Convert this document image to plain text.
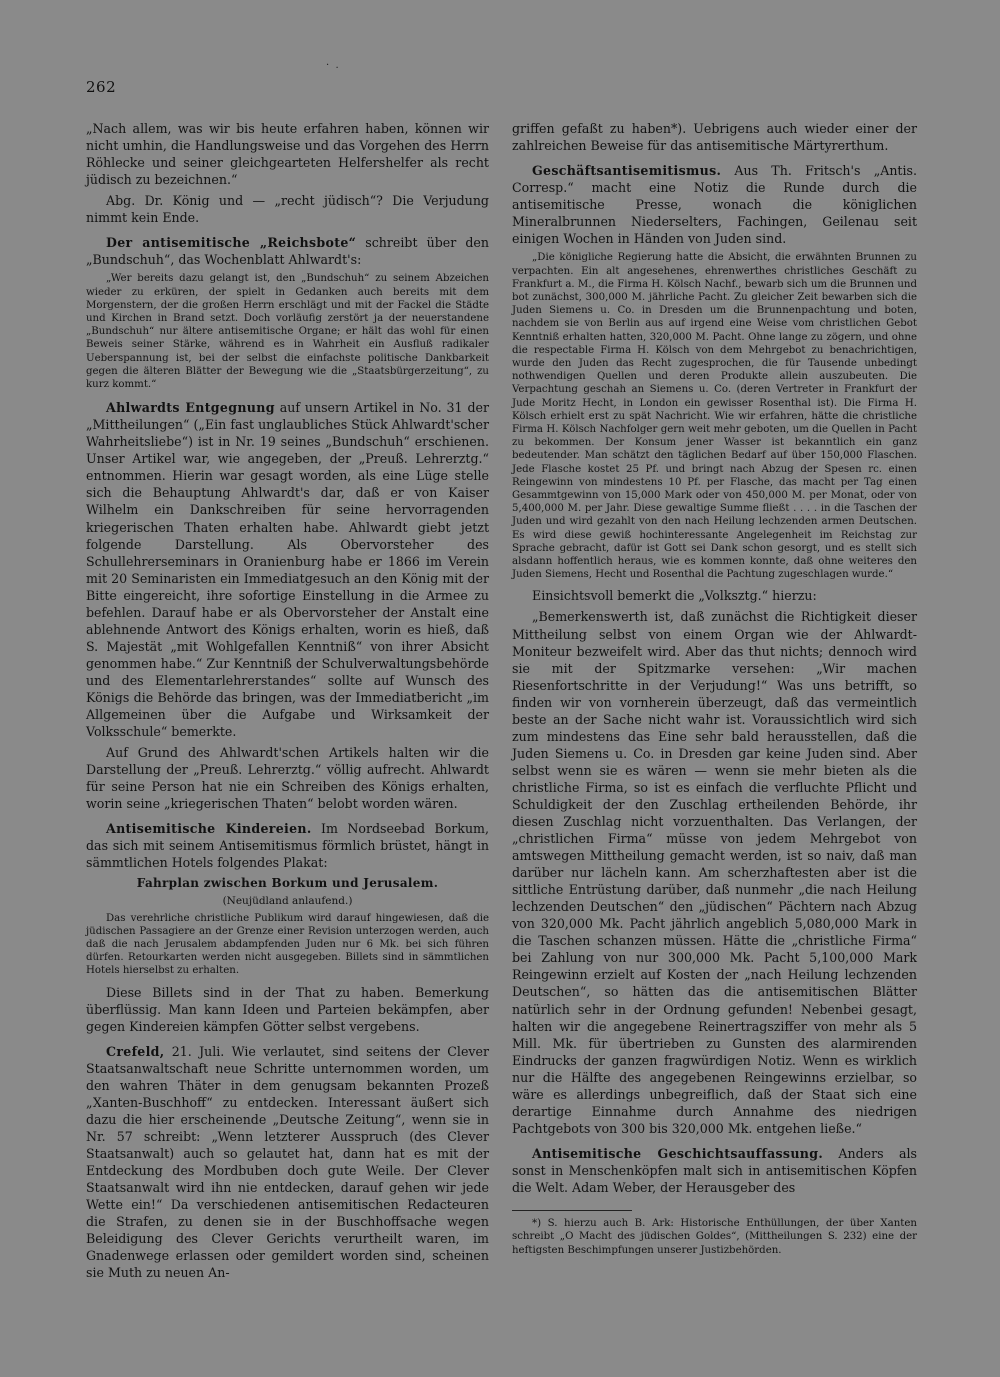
·  .
262

„Nach allem, was wir bis heute erfahren haben, können wir nicht umhin, die Handlungsweise und das Vorgehen des Herrn Röhlecke und seiner gleichgearteten Helfershelfer als recht jüdisch zu bezeichnen.“

Abg. Dr. König und — „recht jüdisch“? Die Verjudung nimmt kein Ende.

Der antisemitische „Reichsbote“ schreibt über den „Bundschuh“, das Wochenblatt Ahlwardt's:

„Wer bereits dazu gelangt ist, den „Bundschuh“ zu seinem Abzeichen wieder zu erküren, der spielt in Gedanken auch bereits mit dem Morgenstern, der die großen Herrn erschlägt und mit der Fackel die Städte und Kirchen in Brand setzt. Doch vorläufig zerstört ja der neuerstandene „Bundschuh“ nur ältere antisemitische Organe; er hält das wohl für einen Beweis seiner Stärke, während es in Wahrheit ein Ausfluß radikaler Ueberspannung ist, bei der selbst die einfachste politische Dankbarkeit gegen die älteren Blätter der Bewegung wie die „Staatsbürgerzeitung“, zu kurz kommt.“

Ahlwardts Entgegnung auf unsern Artikel in No. 31 der „Mittheilungen“ („Ein fast unglaubliches Stück Ahlwardt'scher Wahrheitsliebe“) ist in Nr. 19 seines „Bundschuh“ erschienen. Unser Artikel war, wie angegeben, der „Preuß. Lehrerztg.“ entnommen. Hierin war gesagt worden, als eine Lüge stelle sich die Behauptung Ahlwardt's dar, daß er von Kaiser Wilhelm ein Dankschreiben für seine hervorragenden kriegerischen Thaten erhalten habe. Ahlwardt giebt jetzt folgende Darstellung. Als Obervorsteher des Schullehrerseminars in Oranienburg habe er 1866 im Verein mit 20 Seminaristen ein Immediatgesuch an den König mit der Bitte eingereicht, ihre sofortige Einstellung in die Armee zu befehlen. Darauf habe er als Obervorsteher der Anstalt eine ablehnende Antwort des Königs erhalten, worin es hieß, daß S. Majestät „mit Wohlgefallen Kenntniß“ von ihrer Absicht genommen habe.“ Zur Kenntniß der Schulverwaltungsbehörde und des Elementarlehrerstandes“ sollte auf Wunsch des Königs die Behörde das bringen, was der Immediatbericht „im Allgemeinen über die Aufgabe und Wirksamkeit der Volksschule“ bemerkte.

Auf Grund des Ahlwardt'schen Artikels halten wir die Darstellung der „Preuß. Lehrerztg.“ völlig aufrecht. Ahlwardt für seine Person hat nie ein Schreiben des Königs erhalten, worin seine „kriegerischen Thaten“ belobt worden wären.

Antisemitische Kindereien. Im Nordseebad Borkum, das sich mit seinem Antisemitismus förmlich brüstet, hängt in sämmtlichen Hotels folgendes Plakat:

Fahrplan zwischen Borkum und Jerusalem.
(Neujüdland anlaufend.)

Das verehrliche christliche Publikum wird darauf hingewiesen, daß die jüdischen Passagiere an der Grenze einer Revision unterzogen werden, auch daß die nach Jerusalem abdampfenden Juden nur 6 Mk. bei sich führen dürfen. Retourkarten werden nicht ausgegeben. Billets sind in sämmtlichen Hotels hierselbst zu erhalten.

Diese Billets sind in der That zu haben. Bemerkung überflüssig. Man kann Ideen und Parteien bekämpfen, aber gegen Kindereien kämpfen Götter selbst vergebens.

Crefeld, 21. Juli. Wie verlautet, sind seitens der Clever Staatsanwaltschaft neue Schritte unternommen worden, um den wahren Thäter in dem genugsam bekannten Prozeß „Xanten-Buschhoff“ zu entdecken. Interessant äußert sich dazu die hier erscheinende „Deutsche Zeitung“, wenn sie in Nr. 57 schreibt: „Wenn letzterer Ausspruch (des Clever Staatsanwalt) auch so gelautet hat, dann hat es mit der Entdeckung des Mordbuben doch gute Weile. Der Clever Staatsanwalt wird ihn nie entdecken, darauf gehen wir jede Wette ein!“ Da verschiedenen antisemitischen Redacteuren die Strafen, zu denen sie in der Buschhoffsache wegen Beleidigung des Clever Gerichts verurtheilt waren, im Gnadenwege erlassen oder gemildert worden sind, scheinen sie Muth zu neuen An-

griffen gefaßt zu haben*). Uebrigens auch wieder einer der zahlreichen Beweise für das antisemitische Märtyrerthum.

Geschäftsantisemitismus. Aus Th. Fritsch's „Antis. Corresp.“ macht eine Notiz die Runde durch die antisemitische Presse, wonach die königlichen Mineralbrunnen Niederselters, Fachingen, Geilenau seit einigen Wochen in Händen von Juden sind.

„Die königliche Regierung hatte die Absicht, die erwähnten Brunnen zu verpachten. Ein alt angesehenes, ehrenwerthes christliches Geschäft zu Frankfurt a. M., die Firma H. Kölsch Nachf., bewarb sich um die Brunnen und bot zunächst, 300,000 M. jährliche Pacht. Zu gleicher Zeit bewarben sich die Juden Siemens u. Co. in Dresden um die Brunnenpachtung und boten, nachdem sie von Berlin aus auf irgend eine Weise vom christlichen Gebot Kenntniß erhalten hatten, 320,000 M. Pacht. Ohne lange zu zögern, und ohne die respectable Firma H. Kölsch von dem Mehrgebot zu benachrichtigen, wurde den Juden das Recht zugesprochen, die für Tausende unbedingt nothwendigen Quellen und deren Produkte allein auszubeuten. Die Verpachtung geschah an Siemens u. Co. (deren Vertreter in Frankfurt der Jude Moritz Hecht, in London ein gewisser Rosenthal ist). Die Firma H. Kölsch erhielt erst zu spät Nachricht. Wie wir erfahren, hätte die christliche Firma H. Kölsch Nachfolger gern weit mehr geboten, um die Quellen in Pacht zu bekommen. Der Konsum jener Wasser ist bekanntlich ein ganz bedeutender. Man schätzt den täglichen Bedarf auf über 150,000 Flaschen. Jede Flasche kostet 25 Pf. und bringt nach Abzug der Spesen rc. einen Reingewinn von mindestens 10 Pf. per Flasche, das macht per Tag einen Gesammtgewinn von 15,000 Mark oder von 450,000 M. per Monat, oder von 5,400,000 M. per Jahr. Diese gewaltige Summe fließt . . . . in die Taschen der Juden und wird gezahlt von den nach Heilung lechzenden armen Deutschen. Es wird diese gewiß hochinteressante Angelegenheit im Reichstag zur Sprache gebracht, dafür ist Gott sei Dank schon gesorgt, und es stellt sich alsdann hoffentlich heraus, wie es kommen konnte, daß ohne weiteres den Juden Siemens, Hecht und Rosenthal die Pachtung zugeschlagen wurde.“

Einsichtsvoll bemerkt die „Volksztg.“ hierzu:

„Bemerkenswerth ist, daß zunächst die Richtigkeit dieser Mittheilung selbst von einem Organ wie der Ahlwardt-Moniteur bezweifelt wird. Aber das thut nichts; dennoch wird sie mit der Spitzmarke versehen: „Wir machen Riesenfortschritte in der Verjudung!“ Was uns betrifft, so finden wir von vornherein überzeugt, daß das vermeintlich beste an der Sache nicht wahr ist. Voraussichtlich wird sich zum mindestens das Eine sehr bald herausstellen, daß die Juden Siemens u. Co. in Dresden gar keine Juden sind. Aber selbst wenn sie es wären — wenn sie mehr bieten als die christliche Firma, so ist es einfach die verfluchte Pflicht und Schuldigkeit der den Zuschlag ertheilenden Behörde, ihr diesen Zuschlag nicht vorzuenthalten. Das Verlangen, der „christlichen Firma“ müsse von jedem Mehrgebot von amtswegen Mittheilung gemacht werden, ist so naiv, daß man darüber nur lächeln kann. Am scherzhaftesten aber ist die sittliche Entrüstung darüber, daß nunmehr „die nach Heilung lechzenden Deutschen“ den „jüdischen“ Pächtern nach Abzug von 320,000 Mk. Pacht jährlich angeblich 5,080,000 Mark in die Taschen schanzen müssen. Hätte die „christliche Firma“ bei Zahlung von nur 300,000 Mk. Pacht 5,100,000 Mark Reingewinn erzielt auf Kosten der „nach Heilung lechzenden Deutschen“, so hätten das die antisemitischen Blätter natürlich sehr in der Ordnung gefunden! Nebenbei gesagt, halten wir die angegebene Reinertragsziffer von mehr als 5 Mill. Mk. für übertrieben zu Gunsten des alarmirenden Eindrucks der ganzen fragwürdigen Notiz. Wenn es wirklich nur die Hälfte des angegebenen Reingewinns erzielbar, so wäre es allerdings unbegreiflich, daß der Staat sich eine derartige Einnahme durch Annahme des niedrigen Pachtgebots von 300 bis 320,000 Mk. entgehen ließe.“

Antisemitische Geschichtsauffassung. Anders als sonst in Menschenköpfen malt sich in antisemitischen Köpfen die Welt. Adam Weber, der Herausgeber des

*) S. hierzu auch B. Ark: Historische Enthüllungen, der über Xanten schreibt „O Macht des jüdischen Goldes“, (Mittheilungen S. 232) eine der heftigsten Beschimpfungen unserer Justizbehörden.
